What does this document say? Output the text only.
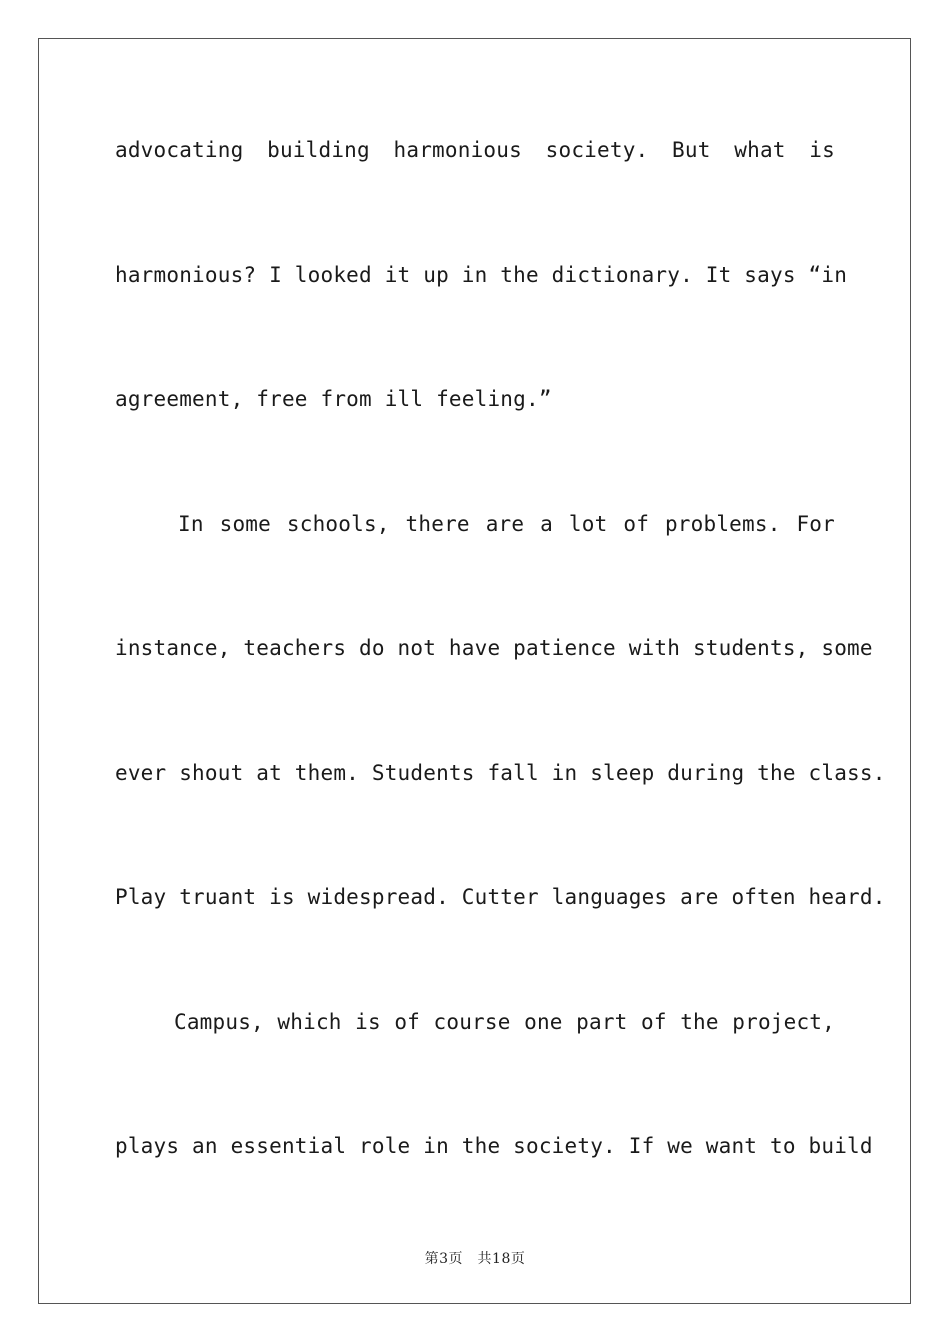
advocating building harmonious society. But what is
harmonious? I looked it up in the dictionary. It says “in
agreement, free from ill feeling.”
In some schools, there are a lot of problems. For
instance, teachers do not have patience with students, some
ever shout at them. Students fall in sleep during the class.
Play truant is widespread. Cutter languages are often heard.
Campus, which is of course one part of the project,
plays an essential role in the society. If we want to build
第3页　共18页
